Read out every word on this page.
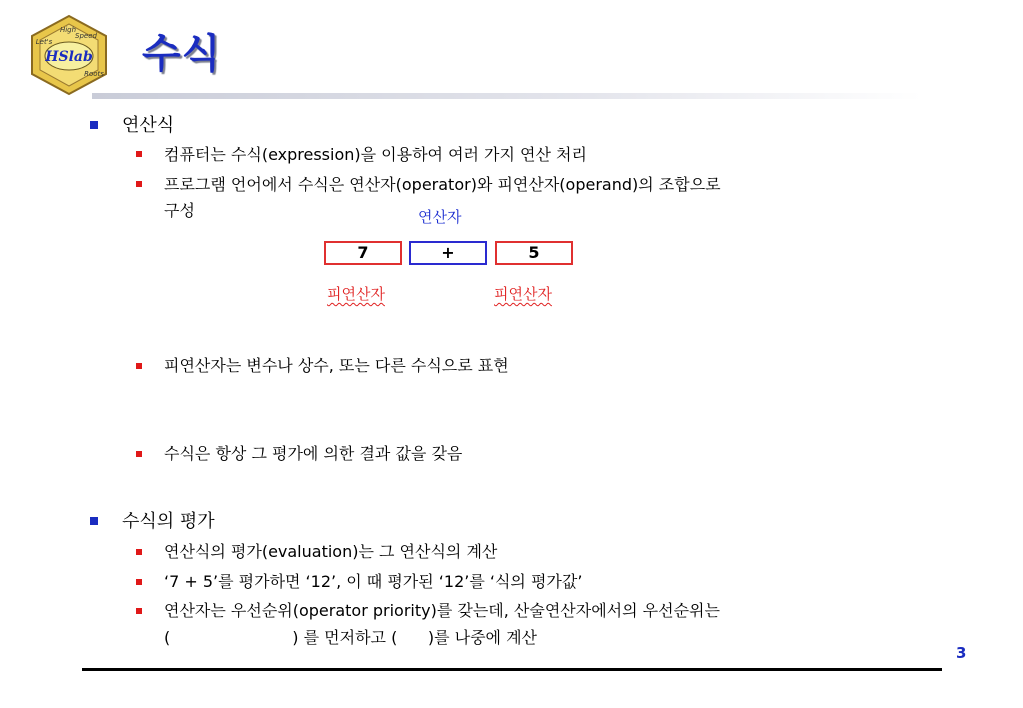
HSlab
High
Speed
Let's
Roots 수식
연산식
컴퓨터는 수식(expression)을 이용하여 여러 가지 연산 처리
프로그램 언어에서 수식은 연산자(operator)와 피연산자(operand)의 조합으로
구성	연산자
7	+	5
피연산자	피연산자
피연산자는 변수나 상수, 또는 다른 수식으로 표현
수식은 항상 그 평가에 의한 결과 값을 갖음
수식의 평가
연산식의 평가(evaluation)는 그 연산식의 계산
‘7 + 5’를 평가하면 ‘12’, 이 때 평가된 ‘12’를 ‘식의 평가값’
연산자는 우선순위(operator priority)를 갖는데, 산술연산자에서의 우선순위는
(                        ) 를 먼저하고 (      )를 나중에 계산
3
